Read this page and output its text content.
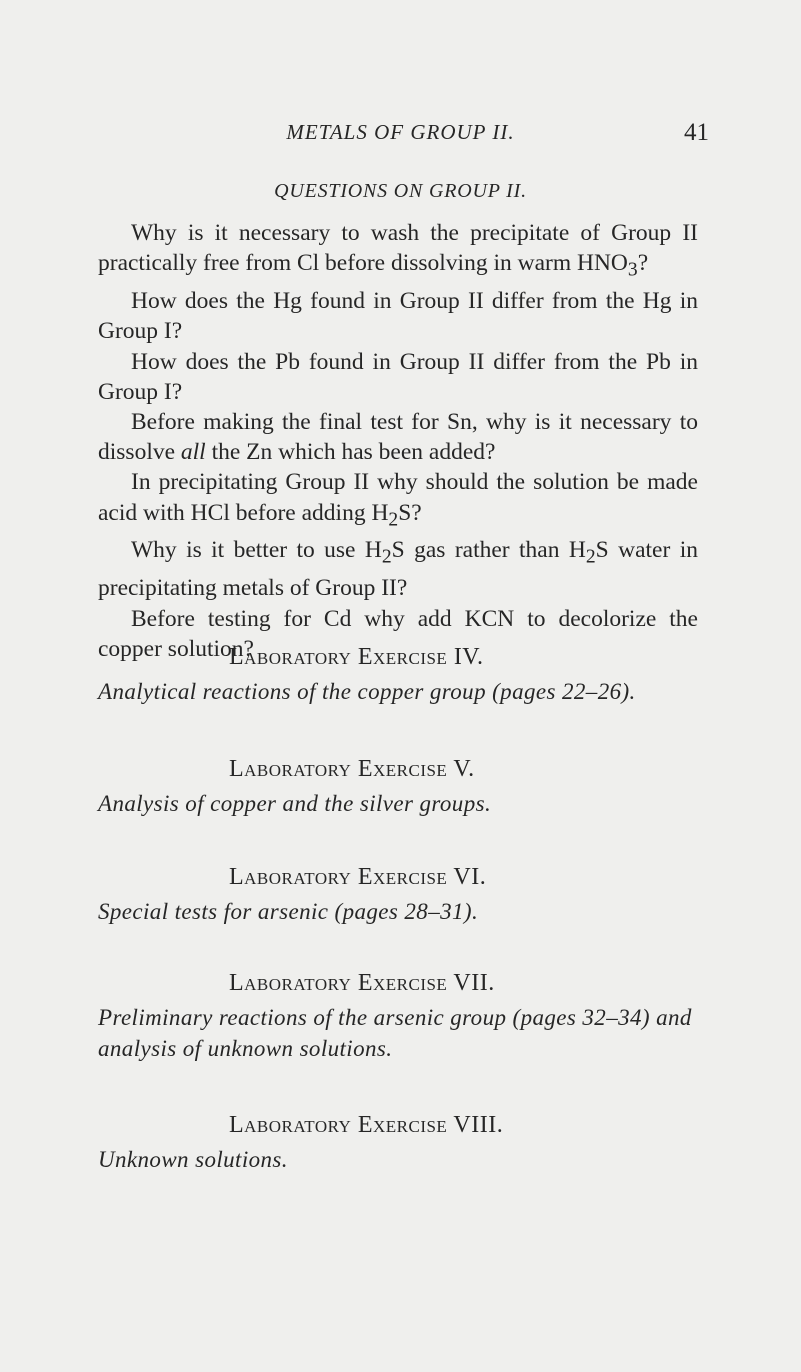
METALS OF GROUP II.	41
QUESTIONS ON GROUP II.

Why is it necessary to wash the precipitate of Group II practically free from Cl before dissolving in warm $HNO_3$?

How does the Hg found in Group II differ from the Hg in Group I?

How does the Pb found in Group II differ from the Pb in Group I?

Before making the final test for Sn, why is it necessary to dissolve all the Zn which has been added?

In precipitating Group II why should the solution be made acid with HCl before adding $H_2S$?

Why is it better to use $H_2S$ gas rather than $H_2S$ water in precipitating metals of Group II?

Before testing for Cd why add KCN to decolorize the copper solution?

Laboratory Exercise IV.

Analytical reactions of the copper group (pages 22–26).

Laboratory Exercise V.

Analysis of copper and the silver groups.

Laboratory Exercise VI.

Special tests for arsenic (pages 28–31).

Laboratory Exercise VII.

Preliminary reactions of the arsenic group (pages 32–34) and analysis of unknown solutions.

Laboratory Exercise VIII.

Unknown solutions.
